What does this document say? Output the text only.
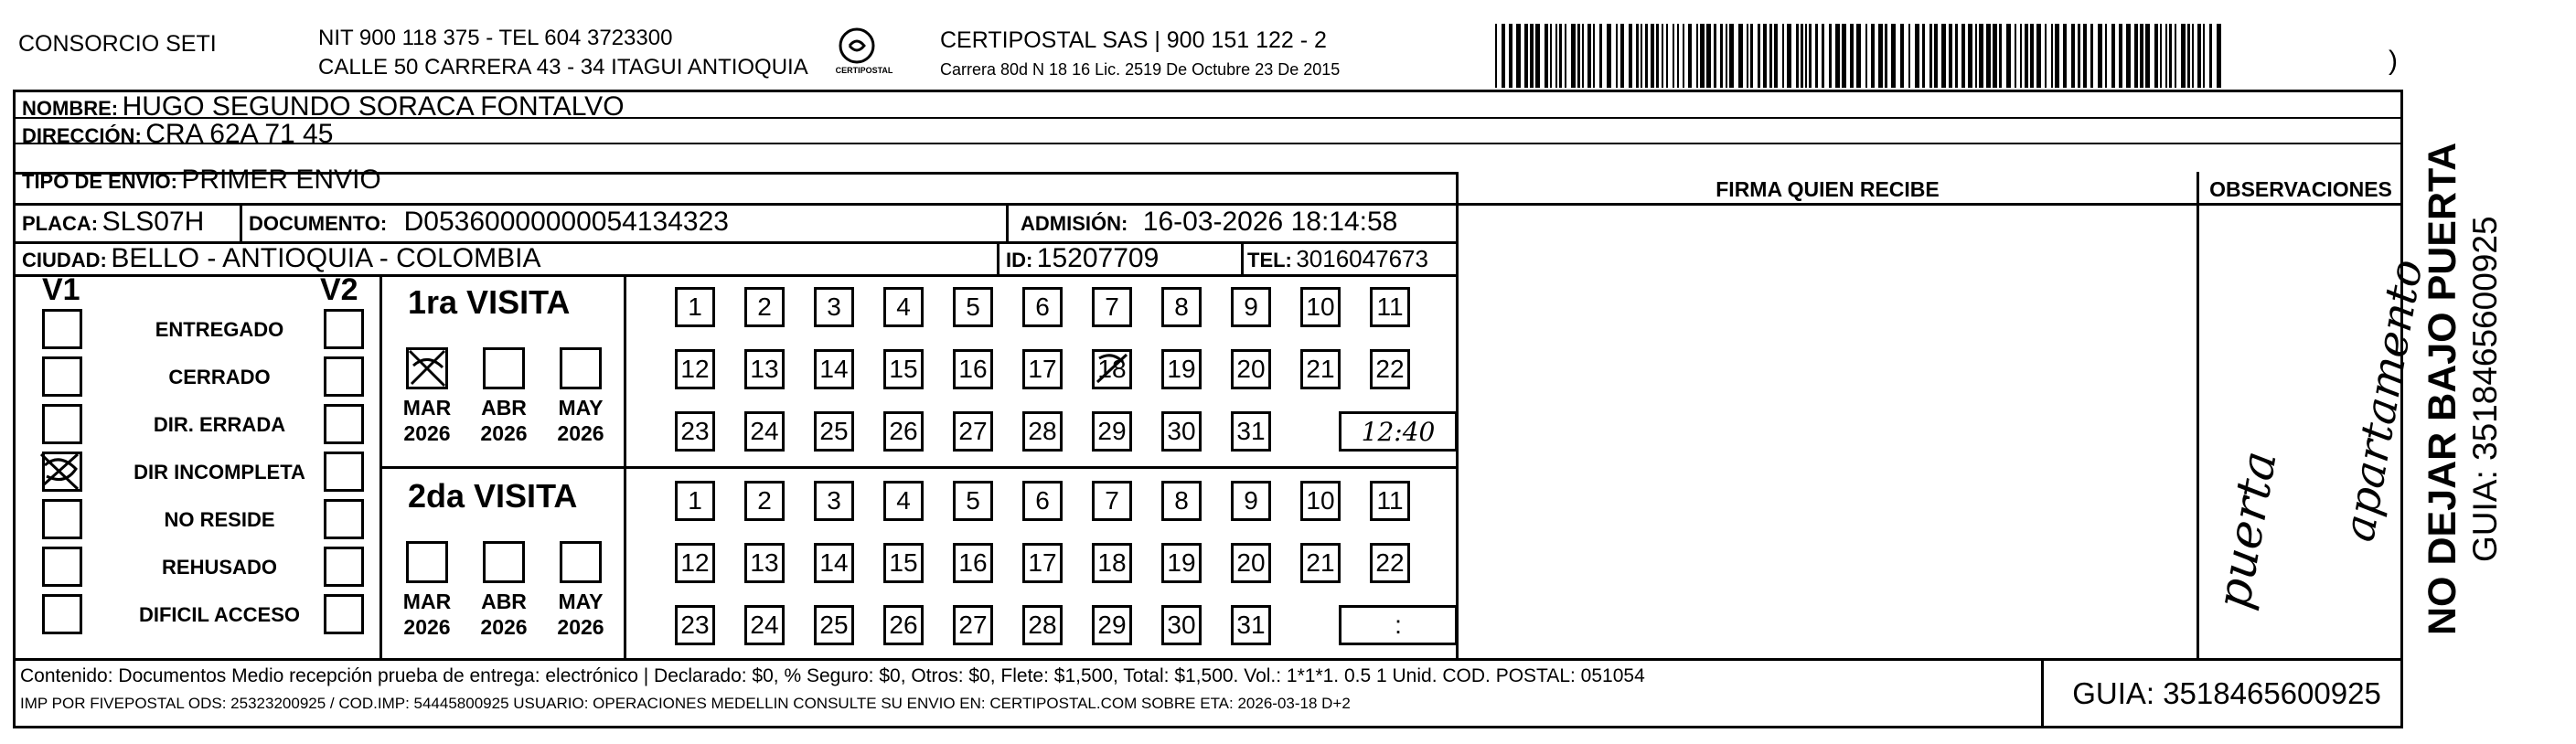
CONSORCIO SETI	NIT 900 118 375 - TEL 604 3723300
CALLE 50 CARRERA 43 - 34 ITAGUI ANTIOQUIA	CERTIPOSTAL
CERTIPOSTAL SAS | 900 151 122 - 2
Carrera 80d N 18 16 Lic. 2519 De Octubre 23 De 2015	)
NOMBRE: HUGO SEGUNDO SORACA FONTALVO
DIRECCIÓN: CRA 62A 71 45
TIPO DE ENVIO: PRIMER ENVIO
PLACA: SLS07H DOCUMENTO: D05360000000054134323	ADMISIÓN: 16-03-2026 18:14:58
CIUDAD: BELLO - ANTIOQUIA - COLOMBIA	ID: 15207709	TEL: 3016047673
FIRMA QUIEN RECIBE	OBSERVACIONES
puerta apartamento
V1	V2
ENTREGADO
CERRADO
DIR. ERRADA
DIR INCOMPLETA
NO RESIDE
REHUSADO
DIFICIL ACCESO
1ra VISITA
MAR
2026
ABR
2026
MAY
2026
1	2	3	4	5	6	7	8	9	10 11
12 13 14 15 16 17 18 19 20 21 22
23 24 25 26 27 28 29 30 31	12:40
2da VISITA
MAR
2026
ABR
2026
MAY
2026
1	2	3	4	5	6	7	8	9	10 11
12 13 14 15 16 17 18 19 20 21 22
23 24 25 26 27 28 29 30 31	:
Contenido: Documentos Medio recepción prueba de entrega: electrónico | Declarado: $0, % Seguro: $0, Otros: $0, Flete: $1,500, Total: $1,500. Vol.: 1*1*1. 0.5 1 Unid. COD. POSTAL: 051054
IMP POR FIVEPOSTAL ODS: 25323200925 / COD.IMP: 54445800925 USUARIO: OPERACIONES MEDELLIN CONSULTE SU ENVIO EN: CERTIPOSTAL.COM SOBRE ETA: 2026-03-18 D+2	GUIA: 3518465600925
NO DEJAR BAJO PUERTA GUIA: 3518465600925
